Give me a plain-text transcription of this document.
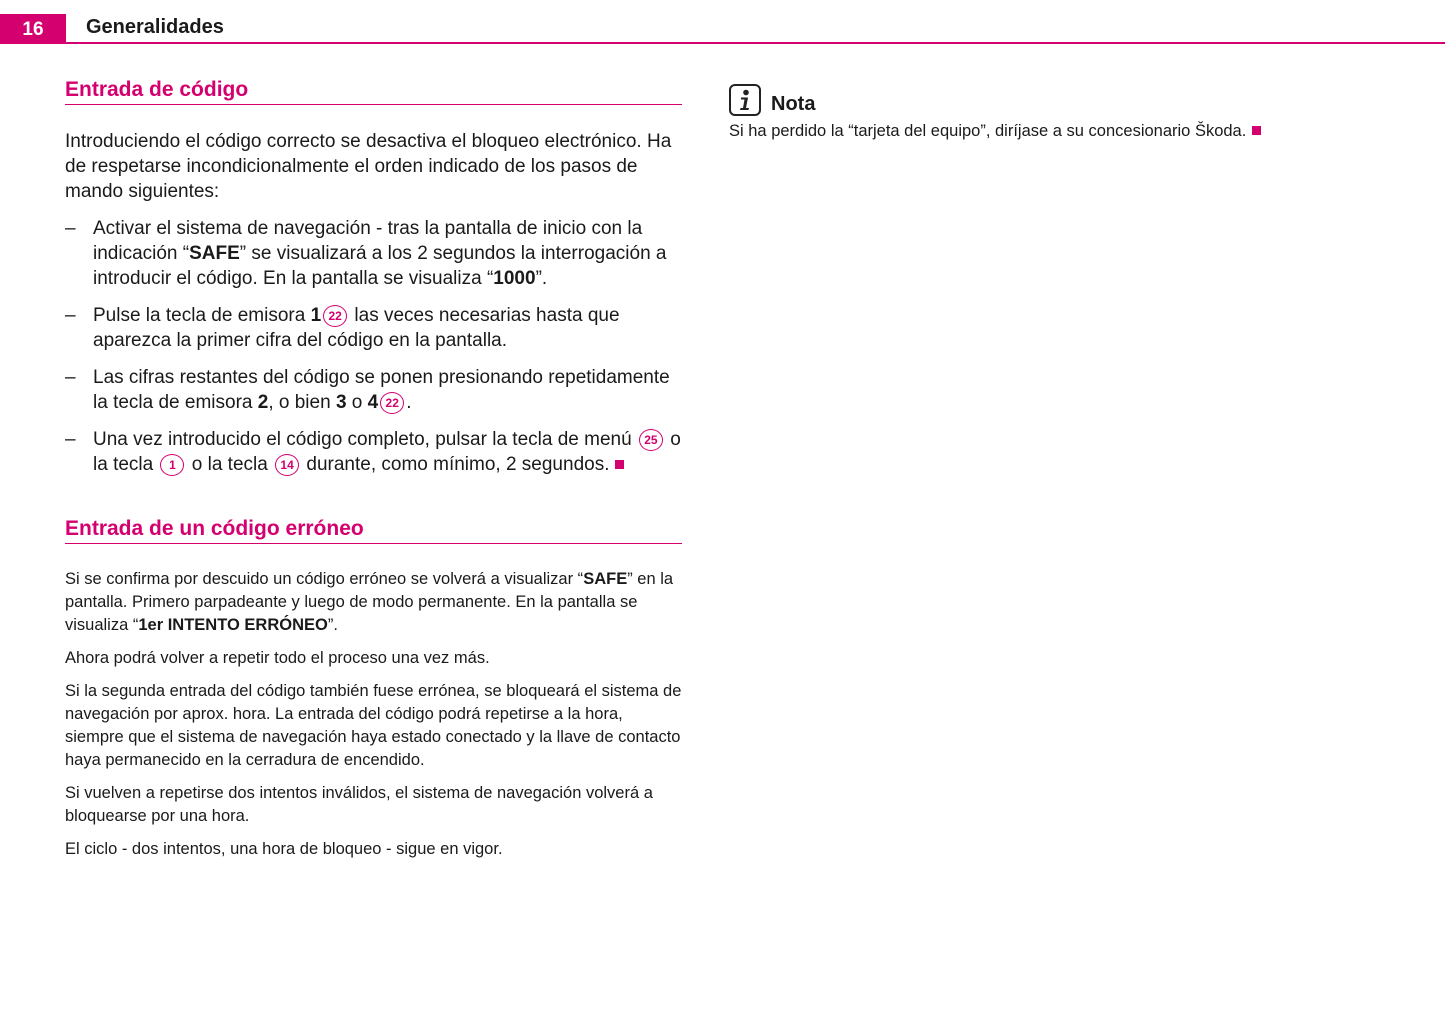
16	Generalidades
Entrada de código

Introduciendo el código correcto se desactiva el bloqueo electrónico. Ha de respetarse incondicionalmente el orden indicado de los pasos de mando siguientes:

– Activar el sistema de navegación - tras la pantalla de inicio con la indicación “SAFE” se visualizará a los 2 segundos la interrogación a introducir el código. En la pantalla se visualiza “1000”.
– Pulse la tecla de emisora 1 22 las veces necesarias hasta que aparezca la primer cifra del código en la pantalla.
– Las cifras restantes del código se ponen presionando repetidamente la tecla de emisora 2, o bien 3 o 4 22 .
– Una vez introducido el código completo, pulsar la tecla de menú 25 o la tecla 1 o la tecla 14 durante, como mínimo, 2 segundos.
Entrada de un código erróneo

Si se confirma por descuido un código erróneo se volverá a visualizar “SAFE” en la pantalla. Primero parpadeante y luego de modo permanente. En la pantalla se visualiza “1er INTENTO ERRÓNEO”.

Ahora podrá volver a repetir todo el proceso una vez más.

Si la segunda entrada del código también fuese errónea, se bloqueará el sistema de navegación por aprox. hora. La entrada del código podrá repetirse a la hora, siempre que el sistema de navegación haya estado conectado y la llave de contacto haya permanecido en la cerradura de encendido.

Si vuelven a repetirse dos intentos inválidos, el sistema de navegación volverá a bloquearse por una hora.

El ciclo - dos intentos, una hora de bloqueo - sigue en vigor.

Nota
Si ha perdido la “tarjeta del equipo”, diríjase a su concesionario Škoda.
